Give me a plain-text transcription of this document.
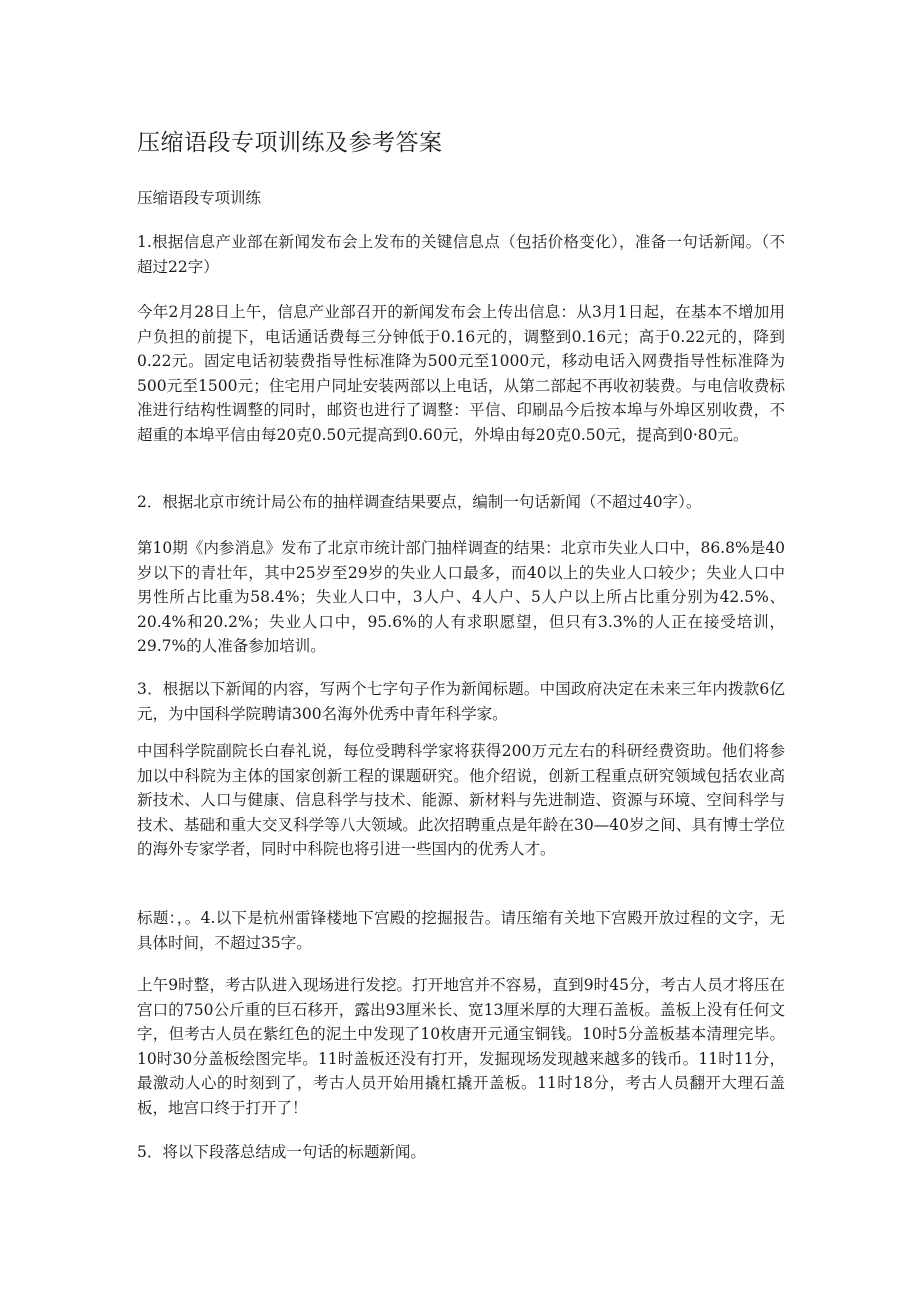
压缩语段专项训练及参考答案

压缩语段专项训练

1.根据信息产业部在新闻发布会上发布的关键信息点（包括价格变化），准备一句话新闻。（不超过22字）

今年2月28日上午，信息产业部召开的新闻发布会上传出信息：从3月1日起，在基本不增加用户负担的前提下，电话通话费每三分钟低于0.16元的，调整到0.16元；高于0.22元的，降到0.22元。固定电话初装费指导性标准降为500元至1000元，移动电话入网费指导性标准降为500元至1500元；住宅用户同址安装两部以上电话，从第二部起不再收初装费。与电信收费标准进行结构性调整的同时，邮资也进行了调整：平信、印刷品今后按本埠与外埠区别收费，不超重的本埠平信由每20克0.50元提高到0.60元，外埠由每20克0.50元，提高到0·80元。

2．根据北京市统计局公布的抽样调查结果要点，编制一句话新闻（不超过40字）。

第10期《内参消息》发布了北京市统计部门抽样调查的结果：北京市失业人口中，86.8%是40岁以下的青壮年，其中25岁至29岁的失业人口最多，而40以上的失业人口较少；失业人口中男性所占比重为58.4%；失业人口中，3人户、4人户、5人户以上所占比重分别为42.5%、20.4%和20.2%；失业人口中，95.6%的人有求职愿望，但只有3.3%的人正在接受培训，29.7%的人准备参加培训。

3．根据以下新闻的内容，写两个七字句子作为新闻标题。中国政府决定在未来三年内拨款6亿元，为中国科学院聘请300名海外优秀中青年科学家。

中国科学院副院长白春礼说，每位受聘科学家将获得200万元左右的科研经费资助。他们将参加以中科院为主体的国家创新工程的课题研究。他介绍说，创新工程重点研究领域包括农业高新技术、人口与健康、信息科学与技术、能源、新材料与先进制造、资源与环境、空间科学与技术、基础和重大交叉科学等八大领域。此次招聘重点是年龄在30—40岁之间、具有博士学位的海外专家学者，同时中科院也将引进一些国内的优秀人才。

标题：，。4.以下是杭州雷锋楼地下宫殿的挖掘报告。请压缩有关地下宫殿开放过程的文字，无具体时间，不超过35字。

上午9时整，考古队进入现场进行发挖。打开地宫并不容易，直到9时45分，考古人员才将压在宫口的750公斤重的巨石移开，露出93厘米长、宽13厘米厚的大理石盖板。盖板上没有任何文字，但考古人员在紫红色的泥土中发现了10枚唐开元通宝铜钱。10时5分盖板基本清理完毕。10时30分盖板绘图完毕。11时盖板还没有打开，发掘现场发现越来越多的钱币。11时11分，最激动人心的时刻到了，考古人员开始用撬杠撬开盖板。11时18分，考古人员翻开大理石盖板，地宫口终于打开了！

5．将以下段落总结成一句话的标题新闻。
